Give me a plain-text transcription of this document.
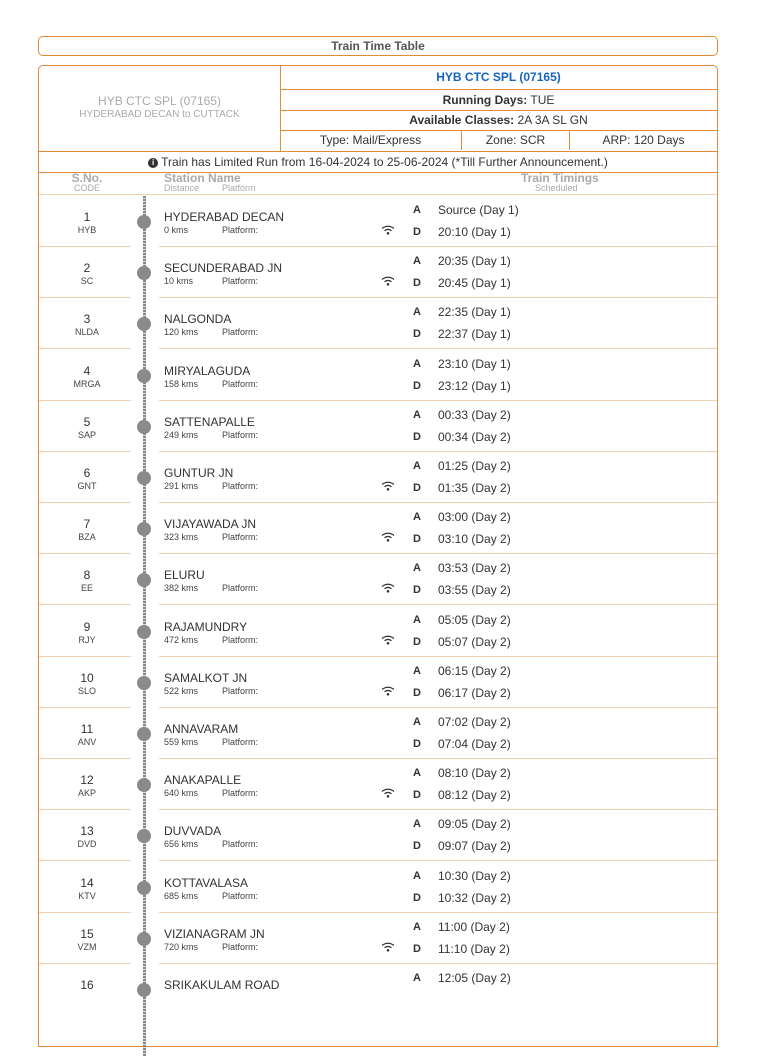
Train Time Table
HYB CTC SPL (07165)
HYDERABAD DECAN to CUTTACK
HYB CTC SPL (07165)
Running Days: TUE
Available Classes: 2A 3A SL GN
Type: Mail/Express	Zone: SCR	ARP: 120 Days
i Train has Limited Run from 16-04-2024 to 25-06-2024 (*Till Further Announcement.)
S.No.
CODE
Station Name
Distance	Platform
Train Timings
Scheduled
1
HYB
HYDERABAD DECAN
0 kms	Platform:
A Source (Day 1)
D 20:10 (Day 1)
2
SC
SECUNDERABAD JN
10 kms	Platform:
A 20:35 (Day 1)
D 20:45 (Day 1)
3
NLDA
NALGONDA
120 kms	Platform:
A 22:35 (Day 1)
D 22:37 (Day 1)
4
MRGA
MIRYALAGUDA
158 kms	Platform:
A 23:10 (Day 1)
D 23:12 (Day 1)
5
SAP
SATTENAPALLE
249 kms	Platform:
A 00:33 (Day 2)
D 00:34 (Day 2)
6
GNT
GUNTUR JN
291 kms	Platform:
A 01:25 (Day 2)
D 01:35 (Day 2)
7
BZA
VIJAYAWADA JN
323 kms	Platform:
A 03:00 (Day 2)
D 03:10 (Day 2)
8
EE
ELURU
382 kms	Platform:
A 03:53 (Day 2)
D 03:55 (Day 2)
9
RJY
RAJAMUNDRY
472 kms	Platform:
A 05:05 (Day 2)
D 05:07 (Day 2)
10
SLO
SAMALKOT JN
522 kms	Platform:
A 06:15 (Day 2)
D 06:17 (Day 2)
11
ANV
ANNAVARAM
559 kms	Platform:
A 07:02 (Day 2)
D 07:04 (Day 2)
12
AKP
ANAKAPALLE
640 kms	Platform:
A 08:10 (Day 2)
D 08:12 (Day 2)
13
DVD
DUVVADA
656 kms	Platform:
A 09:05 (Day 2)
D 09:07 (Day 2)
14
KTV
KOTTAVALASA
685 kms	Platform:
A 10:30 (Day 2)
D 10:32 (Day 2)
15
VZM
VIZIANAGRAM JN
720 kms	Platform:
A 11:00 (Day 2)
D 11:10 (Day 2)
16	SRIKAKULAM ROAD	A 12:05 (Day 2)
